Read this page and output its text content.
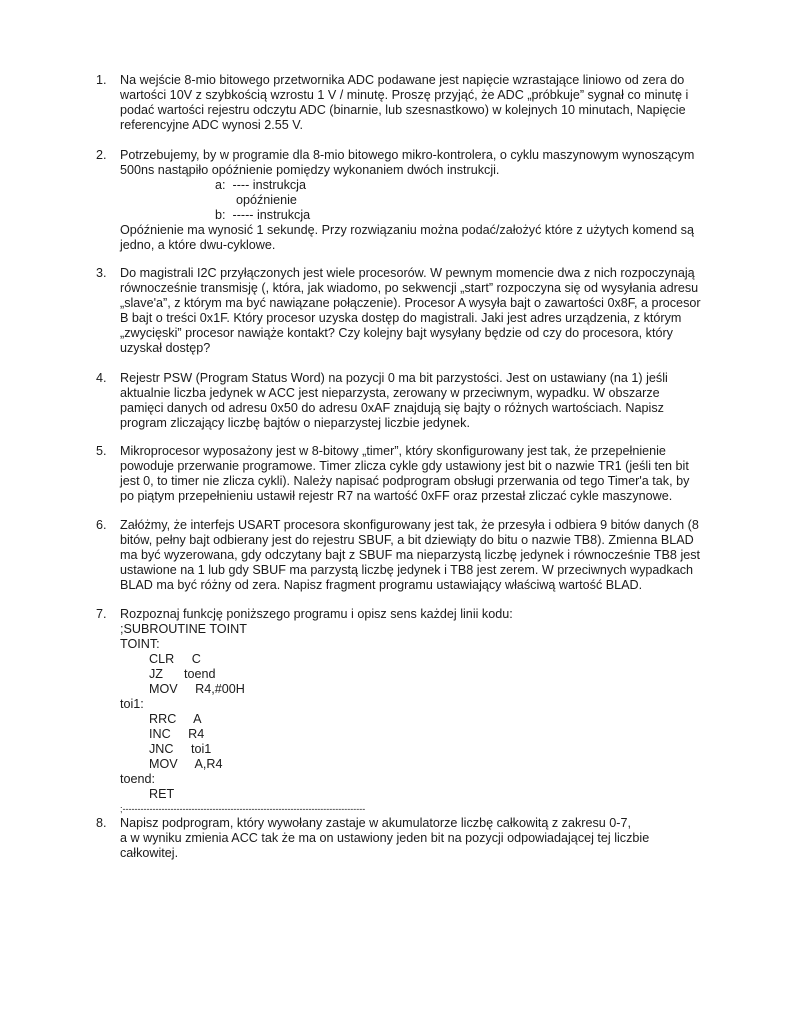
1. Na wejście 8-mio bitowego przetwornika ADC podawane jest napięcie wzrastające liniowo od zera do
wartości 10V z szybkością wzrostu 1 V / minutę. Proszę przyjąć, że ADC „próbkuje” sygnał co minutę i
podać wartości rejestru odczytu ADC (binarnie, lub szesnastkowo) w kolejnych 10 minutach, Napięcie
referencyjne ADC wynosi 2.55 V.
2. Potrzebujemy, by w programie dla 8-mio bitowego mikro-kontrolera, o cyklu maszynowym wynoszącym
500ns nastąpiło opóźnienie pomiędzy wykonaniem dwóch instrukcji.
a:  ---- instrukcja
opóźnienie
b:  ----- instrukcja
Opóźnienie ma wynosić 1 sekundę. Przy rozwiązaniu można podać/założyć które z użytych komend są
jedno, a które dwu-cyklowe.
3. Do magistrali I2C przyłączonych jest wiele procesorów. W pewnym momencie dwa z nich rozpoczynają
równocześnie transmisję (, która, jak wiadomo, po sekwencji „start” rozpoczyna się od wysyłania adresu
„slave'a”, z którym ma być nawiązane połączenie). Procesor A wysyła bajt o zawartości 0x8F, a procesor
B bajt o treści 0x1F. Który procesor uzyska dostęp do magistrali. Jaki jest adres urządzenia, z którym
„zwycięski” procesor nawiąże kontakt? Czy kolejny bajt wysyłany będzie od czy do procesora, który
uzyskał dostęp?
4. Rejestr PSW (Program Status Word) na pozycji 0 ma bit parzystości. Jest on ustawiany (na 1) jeśli
aktualnie liczba jedynek w ACC jest nieparzysta, zerowany w przeciwnym, wypadku. W obszarze
pamięci danych od adresu 0x50 do adresu 0xAF znajdują się bajty o różnych wartościach. Napisz
program zliczający liczbę bajtów o nieparzystej liczbie jedynek.
5. Mikroprocesor wyposażony jest w 8-bitowy „timer”, który skonfigurowany jest tak, że przepełnienie
powoduje przerwanie programowe. Timer zlicza cykle gdy ustawiony jest bit o nazwie TR1 (jeśli ten bit
jest 0, to timer nie zlicza cykli). Należy napisać podprogram obsługi przerwania od tego Timer'a tak, by
po piątym przepełnieniu ustawił rejestr R7 na wartość 0xFF oraz przestał zliczać cykle maszynowe.
6. Załóżmy, że interfejs USART procesora skonfigurowany jest tak, że przesyła i odbiera 9 bitów danych (8
bitów, pełny bajt odbierany jest do rejestru SBUF, a bit dziewiąty do bitu o nazwie TB8). Zmienna BLAD
ma być wyzerowana, gdy odczytany bajt z SBUF ma nieparzystą liczbę jedynek i równocześnie TB8 jest
ustawione na 1 lub gdy SBUF ma parzystą liczbę jedynek i TB8 jest zerem. W przeciwnych wypadkach
BLAD ma być różny od zera. Napisz fragment programu ustawiający właściwą wartość BLAD.
7. Rozpoznaj funkcję poniższego programu i opisz sens każdej linii kodu:
;SUBROUTINE TOINT
TOINT:
CLR     C
JZ      toend
MOV     R4,#00H
toi1:
RRC     A
INC     R4
JNC     toi1
MOV     A,R4
toend:
RET
;---------------------------------------------------------------------------------
8. Napisz podprogram, który wywołany zastaje w akumulatorze liczbę całkowitą z zakresu 0-7,
a w wyniku zmienia ACC tak że ma on ustawiony jeden bit na pozycji odpowiadającej tej liczbie
całkowitej.
